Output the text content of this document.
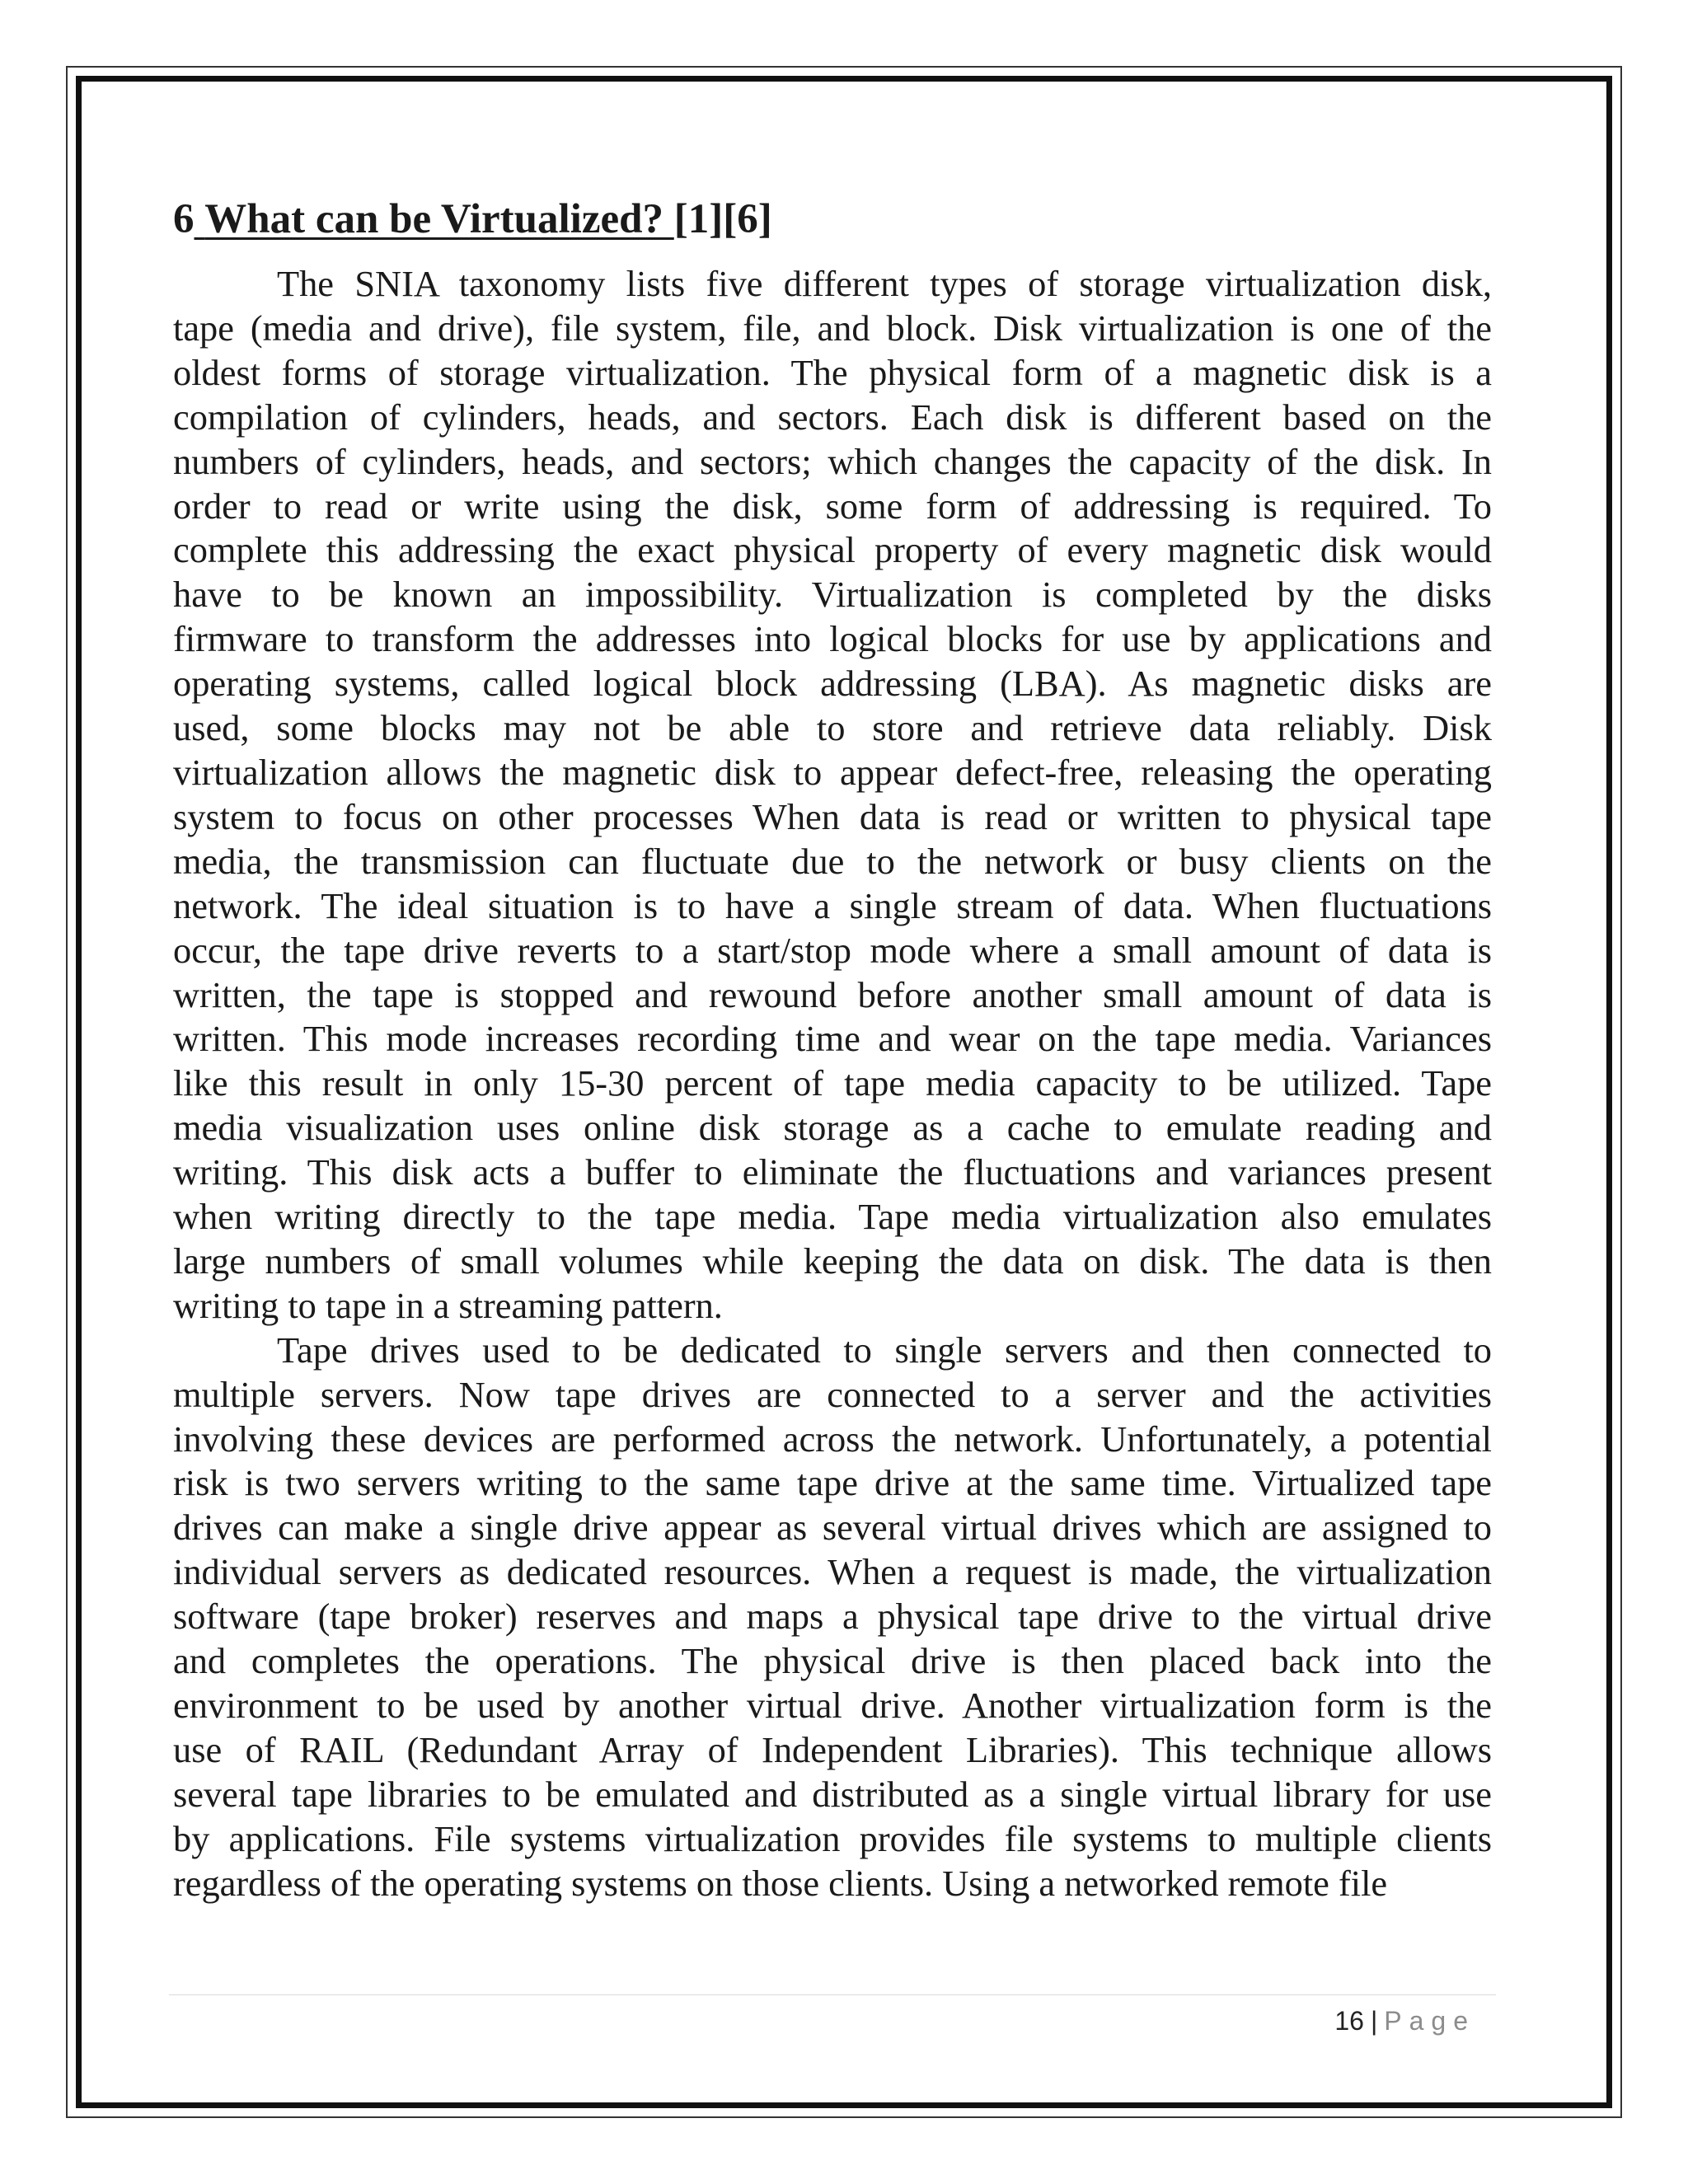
6 What can be Virtualized? [1][6]
The SNIA taxonomy lists five different types of storage virtualization disk,
tape (media and drive), file system, file, and block. Disk virtualization is one of the
oldest forms of storage virtualization. The physical form of a magnetic disk is a
compilation of cylinders, heads, and sectors. Each disk is different based on the
numbers of cylinders, heads, and sectors; which changes the capacity of the disk. In
order to read or write using the disk, some form of addressing is required. To
complete this addressing the exact physical property of every magnetic disk would
have to be known an impossibility. Virtualization is completed by the disks
firmware to transform the addresses into logical blocks for use by applications and
operating systems, called logical block addressing (LBA). As magnetic disks are
used, some blocks may not be able to store and retrieve data reliably. Disk
virtualization allows the magnetic disk to appear defect-free, releasing the operating
system to focus on other processes When data is read or written to physical tape
media, the transmission can fluctuate due to the network or busy clients on the
network. The ideal situation is to have a single stream of data. When fluctuations
occur, the tape drive reverts to a start/stop mode where a small amount of data is
written, the tape is stopped and rewound before another small amount of data is
written. This mode increases recording time and wear on the tape media. Variances
like this result in only 15-30 percent of tape media capacity to be utilized. Tape
media visualization uses online disk storage as a cache to emulate reading and
writing. This disk acts a buffer to eliminate the fluctuations and variances present
when writing directly to the tape media. Tape media virtualization also emulates
large numbers of small volumes while keeping the data on disk. The data is then
writing to tape in a streaming pattern.
Tape drives used to be dedicated to single servers and then connected to
multiple servers. Now tape drives are connected to a server and the activities
involving these devices are performed across the network. Unfortunately, a potential
risk is two servers writing to the same tape drive at the same time. Virtualized tape
drives can make a single drive appear as several virtual drives which are assigned to
individual servers as dedicated resources. When a request is made, the virtualization
software (tape broker) reserves and maps a physical tape drive to the virtual drive
and completes the operations. The physical drive is then placed back into the
environment to be used by another virtual drive. Another virtualization form is the
use of RAIL (Redundant Array of Independent Libraries). This technique allows
several tape libraries to be emulated and distributed as a single virtual library for use
by applications. File systems virtualization provides file systems to multiple clients
regardless of the operating systems on those clients. Using a networked remote file
16 | Page
